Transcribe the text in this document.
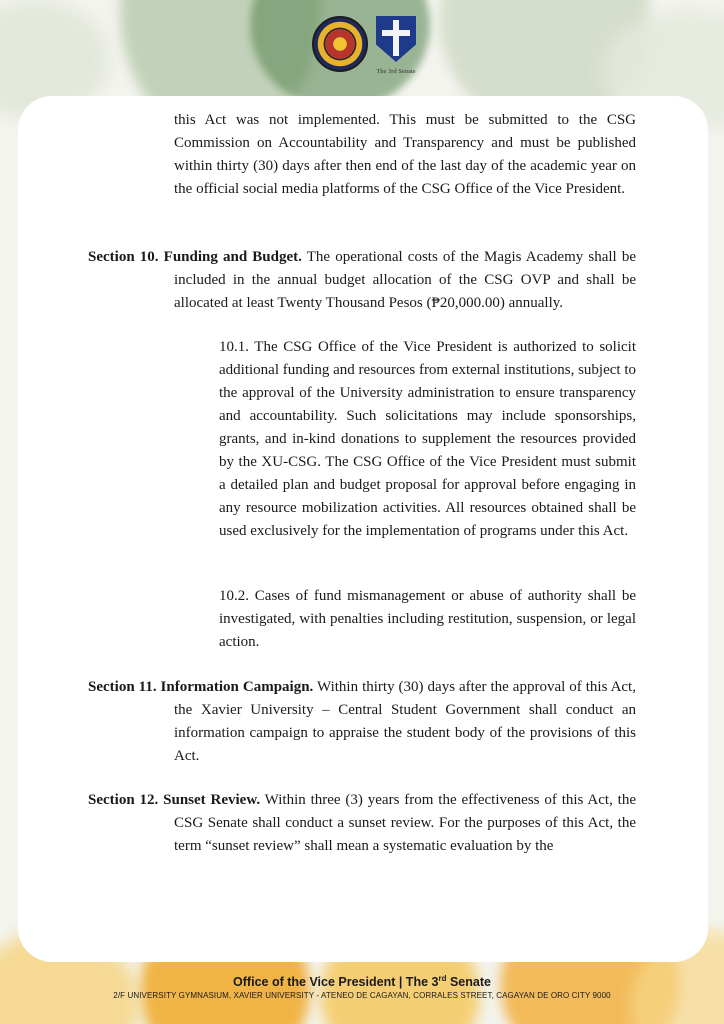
The 3rd Senate

this Act was not implemented. This must be submitted to the CSG Commission on Accountability and Transparency and must be published within thirty (30) days after then end of the last day of the academic year on the official social media platforms of the CSG Office of the Vice President.

Section 10. Funding and Budget. The operational costs of the Magis Academy shall be included in the annual budget allocation of the CSG OVP and shall be allocated at least Twenty Thousand Pesos (₱20,000.00) annually.

10.1. The CSG Office of the Vice President is authorized to solicit additional funding and resources from external institutions, subject to the approval of the University administration to ensure transparency and accountability. Such solicitations may include sponsorships, grants, and in-kind donations to supplement the resources provided by the XU-CSG. The CSG Office of the Vice President must submit a detailed plan and budget proposal for approval before engaging in any resource mobilization activities. All resources obtained shall be used exclusively for the implementation of programs under this Act.

10.2. Cases of fund mismanagement or abuse of authority shall be investigated, with penalties including restitution, suspension, or legal action.

Section 11. Information Campaign. Within thirty (30) days after the approval of this Act, the Xavier University – Central Student Government shall conduct an information campaign to appraise the student body of the provisions of this Act.

Section 12. Sunset Review. Within three (3) years from the effectiveness of this Act, the CSG Senate shall conduct a sunset review. For the purposes of this Act, the term “sunset review” shall mean a systematic evaluation by the

Office of the Vice President | The 3rd Senate
2/F UNIVERSITY GYMNASIUM, XAVIER UNIVERSITY - ATENEO DE CAGAYAN, CORRALES STREET, CAGAYAN DE ORO CITY 9000
